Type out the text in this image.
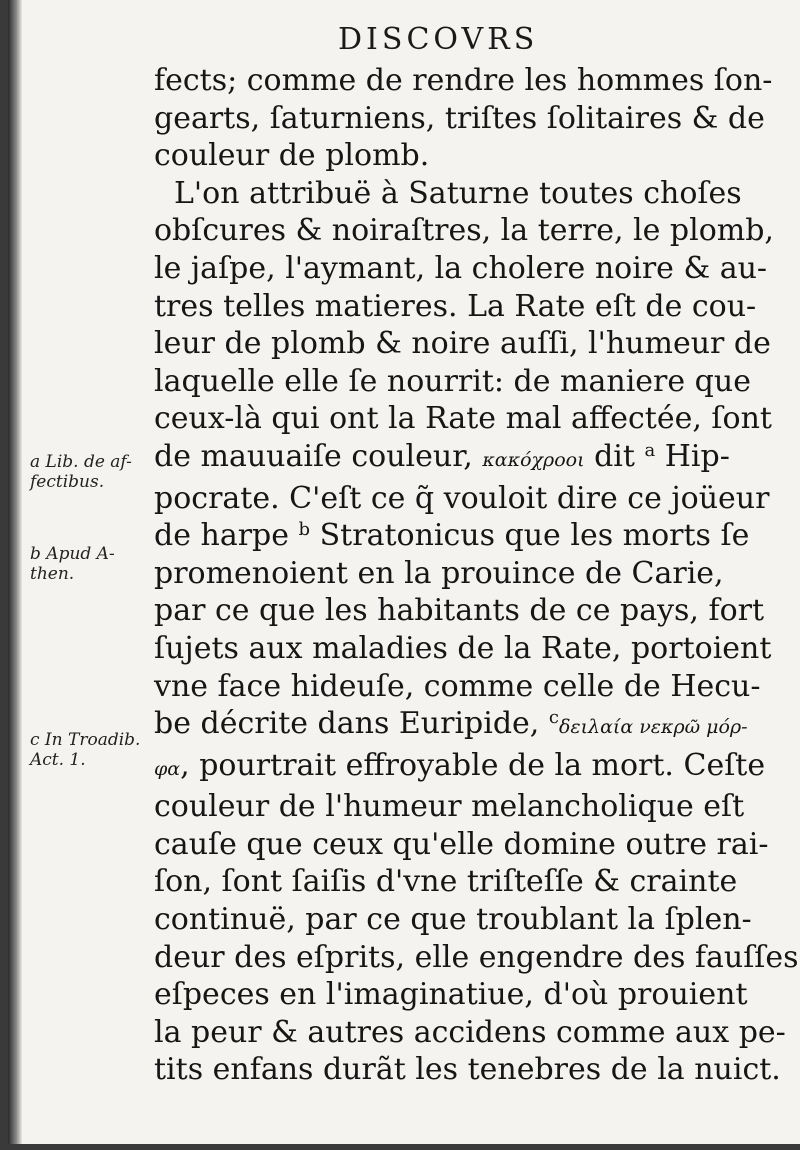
DISCOVRS
fects; comme de rendre les hommes ſon-
gearts, ſaturniens, triſtes ſolitaires & de
couleur de plomb.
L'on attribuë à Saturne toutes choſes
obſcures & noiraſtres, la terre, le plomb,
le jaſpe, l'aymant, la cholere noire & au-
tres telles matieres. La Rate eſt de cou-
leur de plomb & noire auſſi, l'humeur de
laquelle elle ſe nourrit: de maniere que
ceux-là qui ont la Rate mal affectée, ſont
de mauuaiſe couleur, κακόχροοι dit $^a$ Hip-
pocrate. C'eſt ce q̃ vouloit dire ce joüeur
de harpe $^b$ Stratonicus que les morts ſe
promenoient en la prouince de Carie,
par ce que les habitants de ce pays, fort
ſujets aux maladies de la Rate, portoient
vne face hideuſe, comme celle de Hecu-
be décrite dans Euripide, $^c$δειλαία νεκρῶ μόρ-
φα, pourtrait effroyable de la mort. Ceſte
couleur de l'humeur melancholique eſt
cauſe que ceux qu'elle domine outre rai-
ſon, ſont ſaiſis d'vne triſteſſe & crainte
continuë, par ce que troublant la ſplen-
deur des eſprits, elle engendre des fauſſes
eſpeces en l'imaginatiue, d'où prouient
la peur & autres accidens comme aux pe-
tits enfans durãt les tenebres de la nuict.
a Lib. de af-
fectibus.
b Apud A-
then.
c In Troadib.
Act. 1.
